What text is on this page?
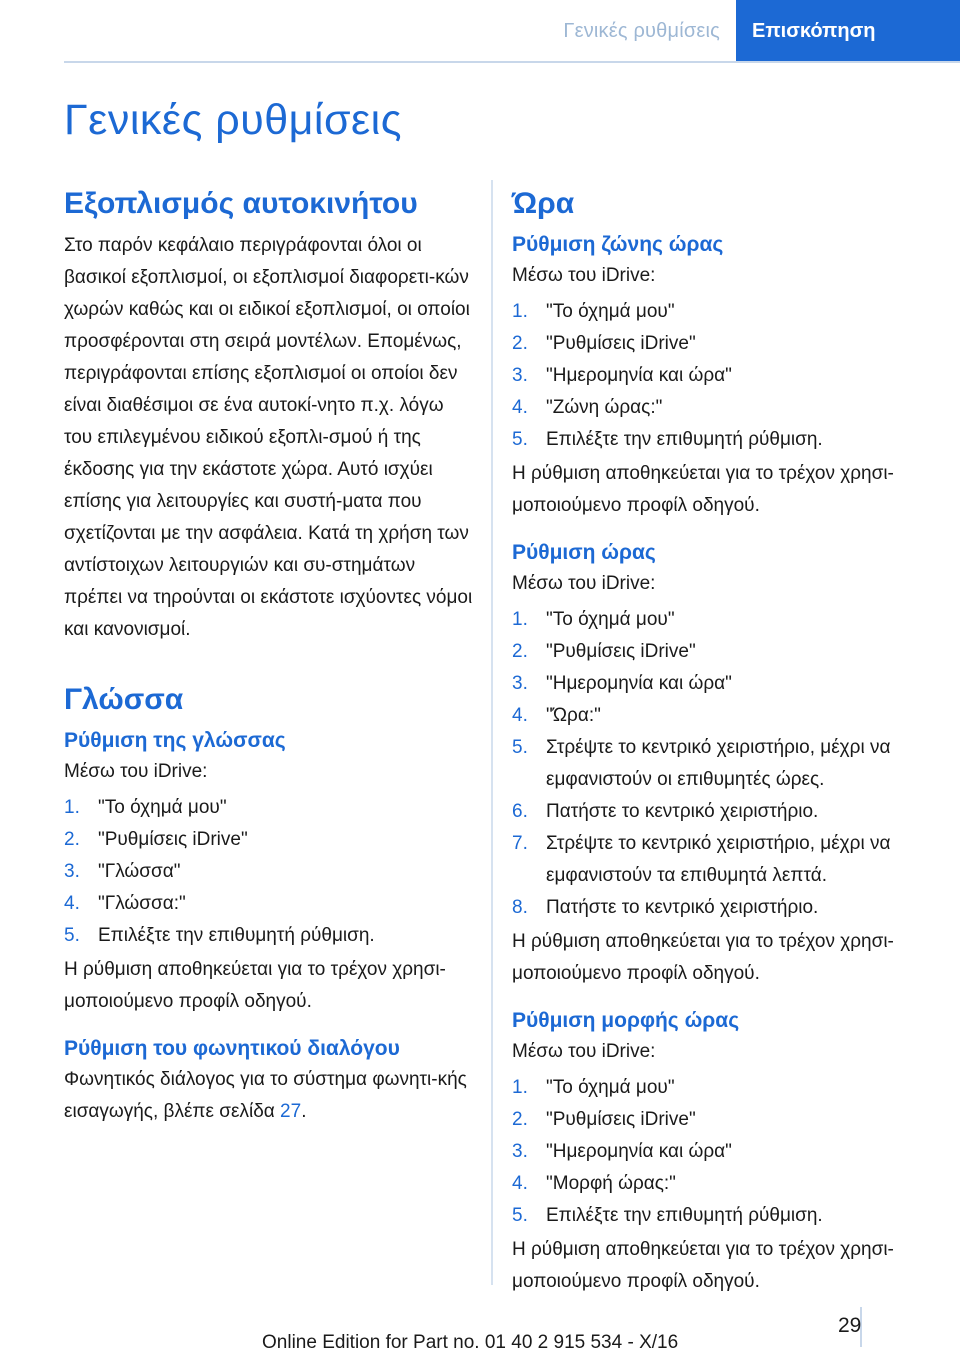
Γενικές ρυθμίσεις	Επισκόπηση
Γενικές ρυθμίσεις
Εξοπλισμός αυτοκινήτου

Στο παρόν κεφάλαιο περιγράφονται όλοι οι βασικοί εξοπλισμοί, οι εξοπλισμοί διαφορετι‐κών χωρών καθώς και οι ειδικοί εξοπλισμοί, οι οποίοι προσφέρονται στη σειρά μοντέλων. Επομένως, περιγράφονται επίσης εξοπλισμοί οι οποίοι δεν είναι διαθέσιμοι σε ένα αυτοκί‐νητο π.χ. λόγω του επιλεγμένου ειδικού εξοπλι‐σμού ή της έκδοσης για την εκάστοτε χώρα. Αυτό ισχύει επίσης για λειτουργίες και συστή‐ματα που σχετίζονται με την ασφάλεια. Κατά τη χρήση των αντίστοιχων λειτουργιών και συ‐στημάτων πρέπει να τηρούνται οι εκάστοτε ισχύοντες νόμοι και κανονισμοί.

Γλώσσα
Ρύθμιση της γλώσσας

Μέσω του iDrive:

1. "Το όχημά μου"
2. "Ρυθμίσεις iDrive"
3. "Γλώσσα"
4. "Γλώσσα:"
5. Επιλέξτε την επιθυμητή ρύθμιση.

Η ρύθμιση αποθηκεύεται για το τρέχον χρησι‐μοποιούμενο προφίλ οδηγού.

Ρύθμιση του φωνητικού διαλόγου

Φωνητικός διάλογος για το σύστημα φωνητι‐κής εισαγωγής, βλέπε σελίδα 27.

Ώρα
Ρύθμιση ζώνης ώρας

Μέσω του iDrive:

1. "Το όχημά μου"
2. "Ρυθμίσεις iDrive"
3. "Ημερομηνία και ώρα"
4. "Ζώνη ώρας:"
5. Επιλέξτε την επιθυμητή ρύθμιση.

Η ρύθμιση αποθηκεύεται για το τρέχον χρησι‐μοποιούμενο προφίλ οδηγού.

Ρύθμιση ώρας

Μέσω του iDrive:

1. "Το όχημά μου"
2. "Ρυθμίσεις iDrive"
3. "Ημερομηνία και ώρα"
4. "Ώρα:"
5. Στρέψτε το κεντρικό χειριστήριο, μέχρι να εμφανιστούν οι επιθυμητές ώρες.
6. Πατήστε το κεντρικό χειριστήριο.
7. Στρέψτε το κεντρικό χειριστήριο, μέχρι να εμφανιστούν τα επιθυμητά λεπτά.
8. Πατήστε το κεντρικό χειριστήριο.

Η ρύθμιση αποθηκεύεται για το τρέχον χρησι‐μοποιούμενο προφίλ οδηγού.

Ρύθμιση μορφής ώρας

Μέσω του iDrive:

1. "Το όχημά μου"
2. "Ρυθμίσεις iDrive"
3. "Ημερομηνία και ώρα"
4. "Μορφή ώρας:"
5. Επιλέξτε την επιθυμητή ρύθμιση.

Η ρύθμιση αποθηκεύεται για το τρέχον χρησι‐μοποιούμενο προφίλ οδηγού.

29
Online Edition for Part no. 01 40 2 915 534 - X/16
